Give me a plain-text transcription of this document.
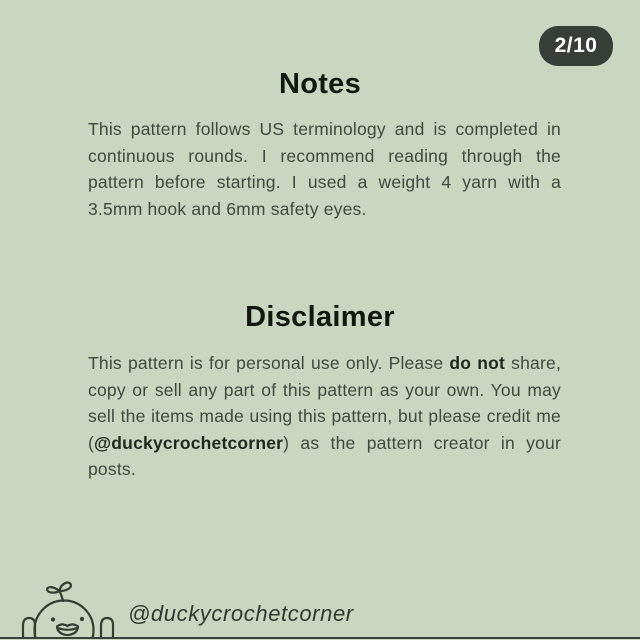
2/10
Notes

This pattern follows US terminology and is completed in continuous rounds. I recommend reading through the pattern before starting. I used a weight 4 yarn with a 3.5mm hook and 6mm safety eyes.

Disclaimer

This pattern is for personal use only. Please do not share, copy or sell any part of this pattern as your own. You may sell the items made using this pattern, but please credit me (@duckycrochetcorner) as the pattern creator in your posts.

@duckycrochetcorner
